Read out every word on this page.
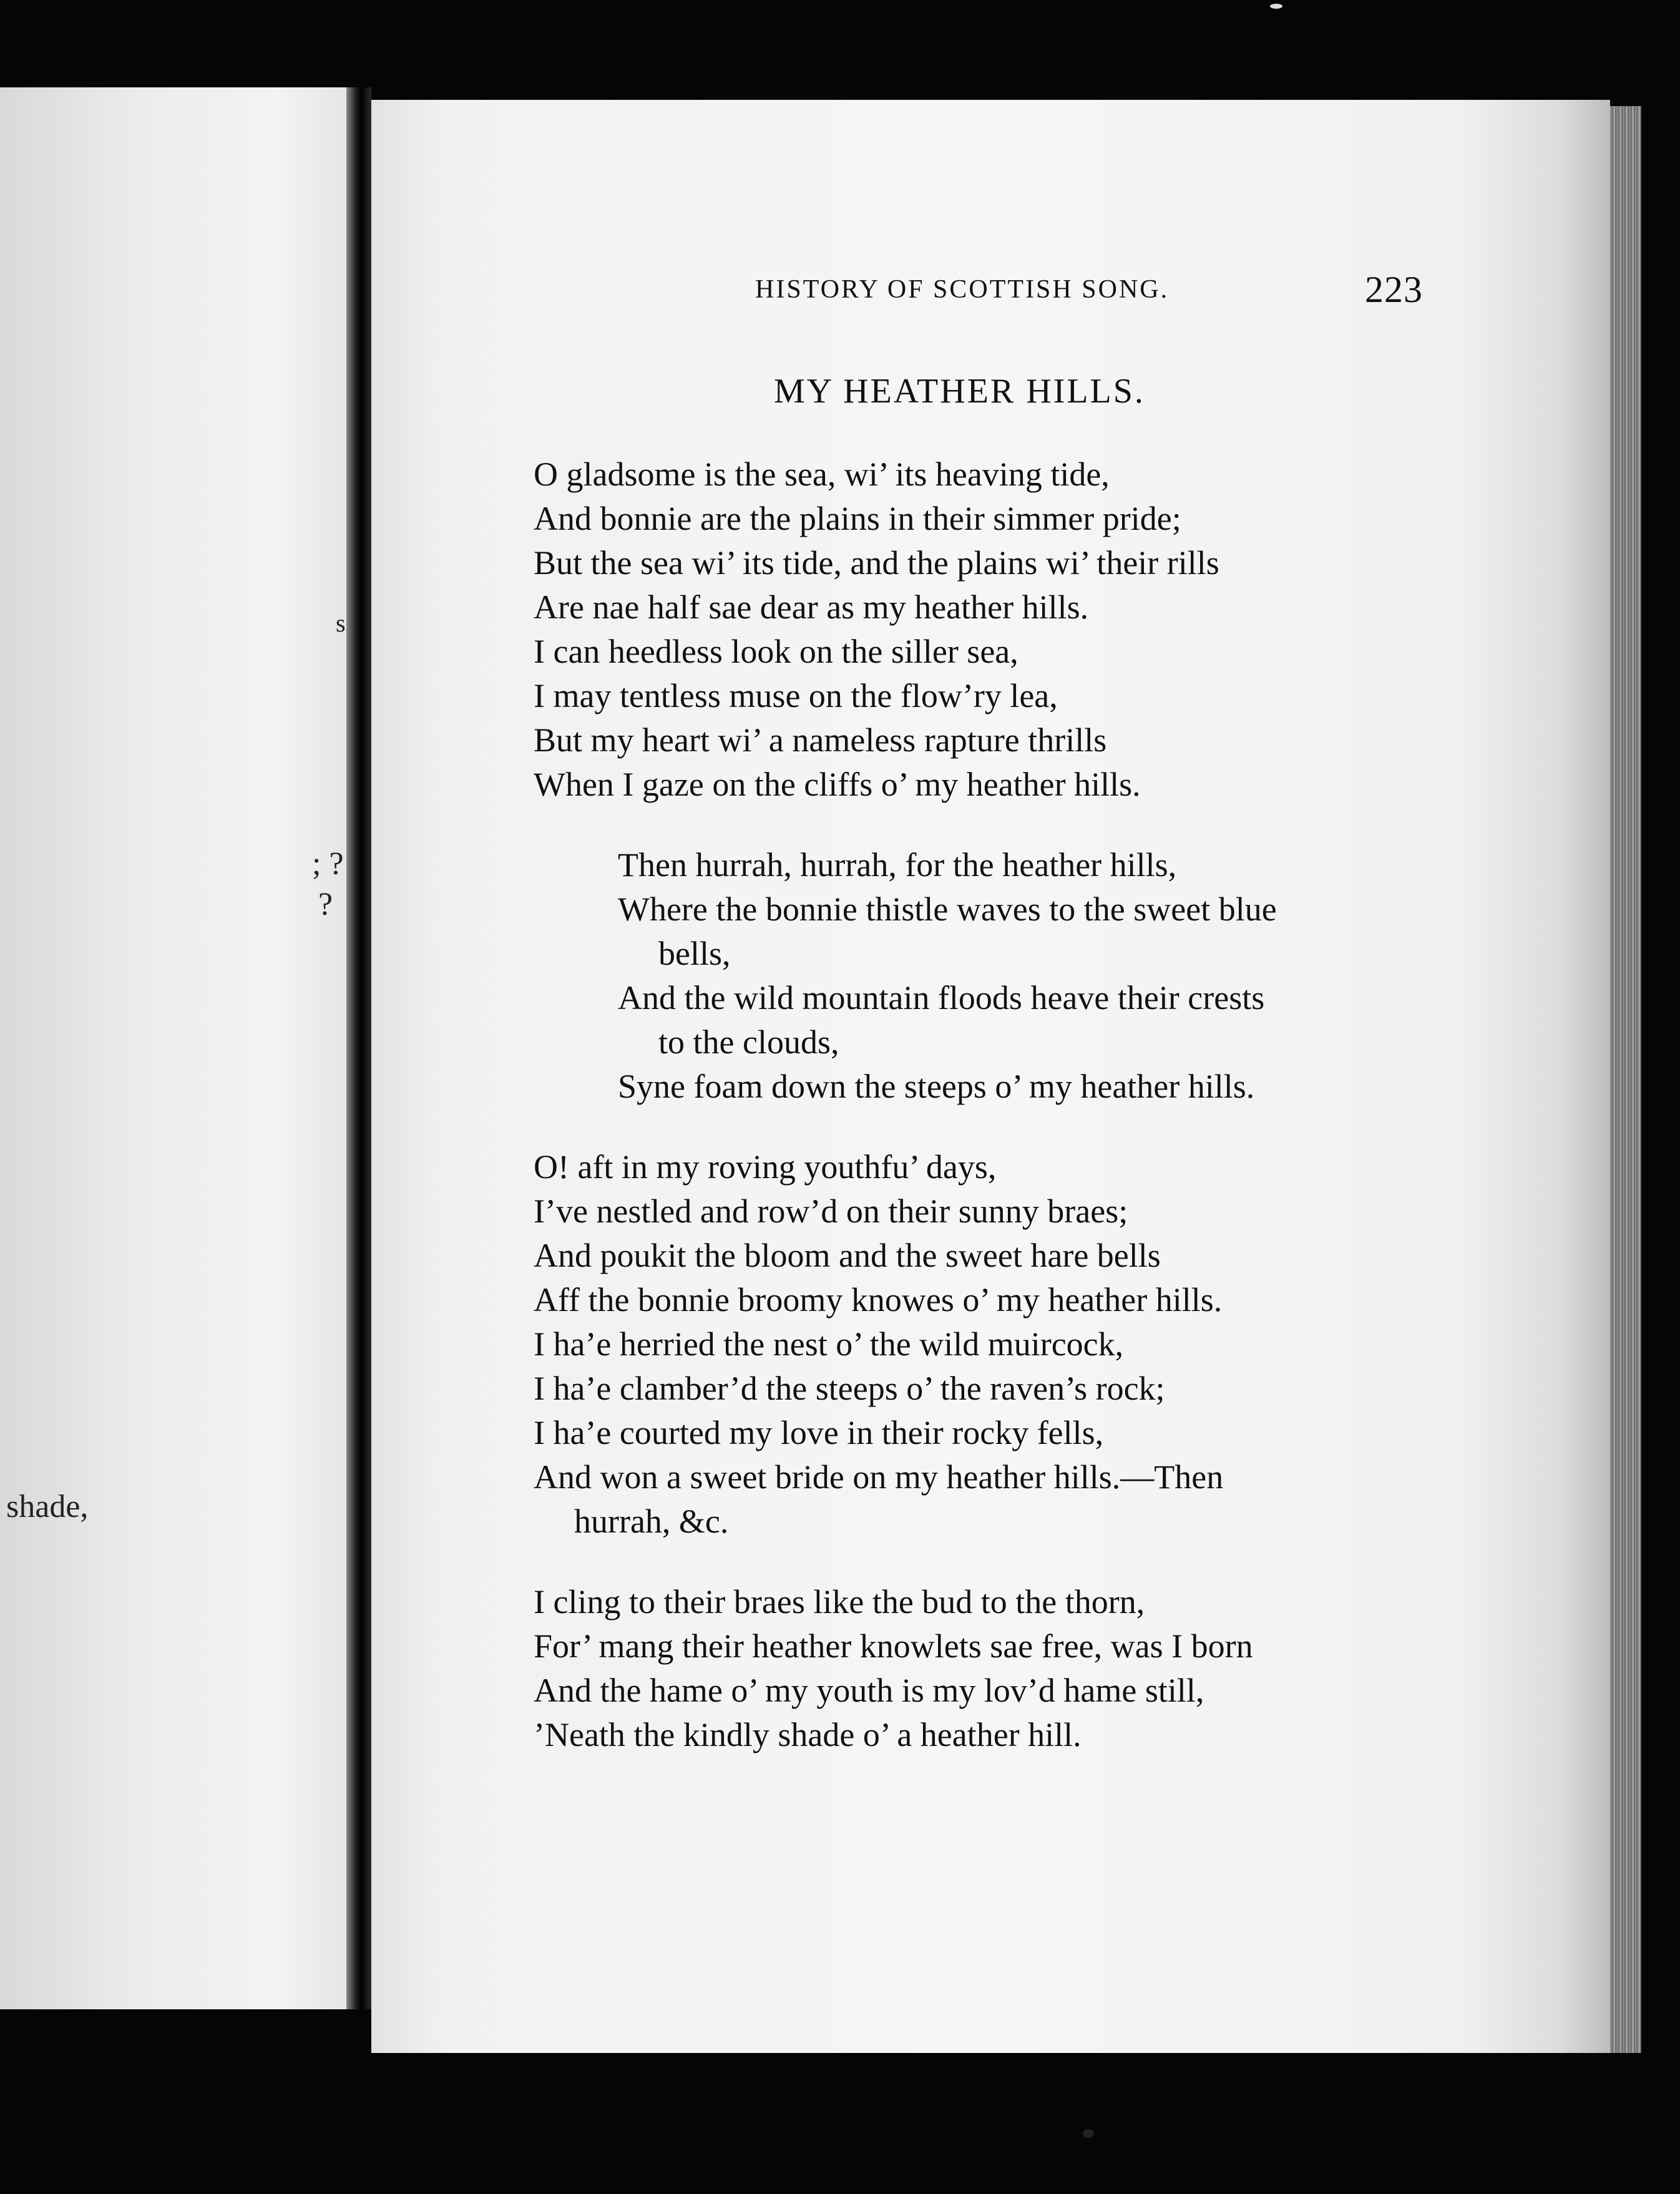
s
; ?
?
shade,
HISTORY OF SCOTTISH SONG.	223
MY HEATHER HILLS.
O gladsome is the sea, wi’ its heaving tide,
And bonnie are the plains in their simmer pride;
But the sea wi’ its tide, and the plains wi’ their rills
Are nae half sae dear as my heather hills.
I can heedless look on the siller sea,
I may tentless muse on the flow’ry lea,
But my heart wi’ a nameless rapture thrills
When I gaze on the cliffs o’ my heather hills.
Then hurrah, hurrah, for the heather hills,
Where the bonnie thistle waves to the sweet blue
bells,
And the wild mountain floods heave their crests
to the clouds,
Syne foam down the steeps o’ my heather hills.
O! aft in my roving youthfu’ days,
I’ve nestled and row’d on their sunny braes;
And poukit the bloom and the sweet hare bells
Aff the bonnie broomy knowes o’ my heather hills.
I ha’e herried the nest o’ the wild muircock,
I ha’e clamber’d the steeps o’ the raven’s rock;
I ha’e courted my love in their rocky fells,
And won a sweet bride on my heather hills.—Then
hurrah, &c.
I cling to their braes like the bud to the thorn,
For’ mang their heather knowlets sae free, was I born
And the hame o’ my youth is my lov’d hame still,
’Neath the kindly shade o’ a heather hill.
